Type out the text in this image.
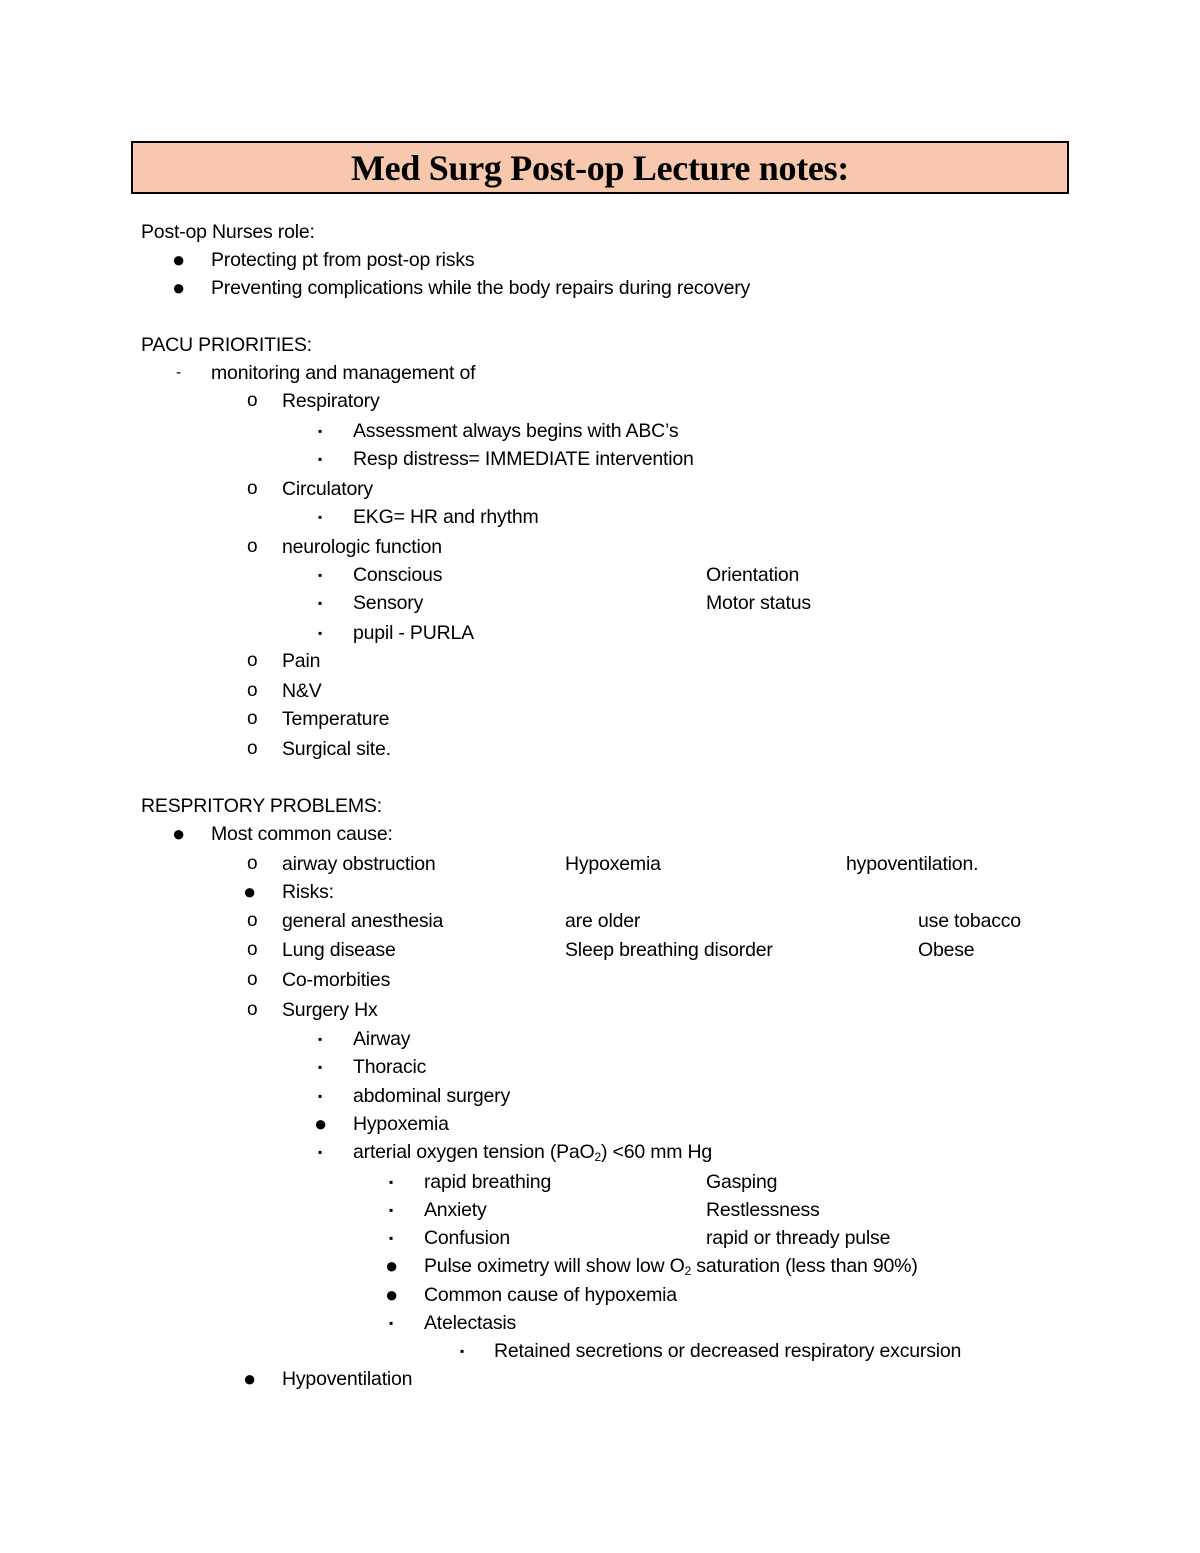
Med Surg Post-op Lecture notes:
Post-op Nurses role:
● Protecting pt from post-op risks
● Preventing complications while the body repairs during recovery
PACU PRIORITIES:
- monitoring and management of
o Respiratory
▪ Assessment always begins with ABC’s
▪ Resp distress= IMMEDIATE intervention
o Circulatory
▪ EKG= HR and rhythm
o neurologic function
▪ Conscious	Orientation
▪ Sensory	Motor status
▪ pupil - PURLA
o Pain
o N&V
o Temperature
o Surgical site.
RESPRITORY PROBLEMS:
● Most common cause:
o airway obstruction	Hypoxemia	hypoventilation.
● Risks:
o general anesthesia	are older	use tobacco
o Lung disease	Sleep breathing disorder	Obese
o Co-morbities
o Surgery Hx
▪ Airway
▪ Thoracic
▪ abdominal surgery
● Hypoxemia
▪ arterial oxygen tension (PaO$_2$) <60 mm Hg
▪ rapid breathing	Gasping
▪ Anxiety	Restlessness
▪ Confusion	rapid or thready pulse
● Pulse oximetry will show low $O_2$ saturation (less than 90%)
● Common cause of hypoxemia
▪ Atelectasis
▪ Retained secretions or decreased respiratory excursion
● Hypoventilation
